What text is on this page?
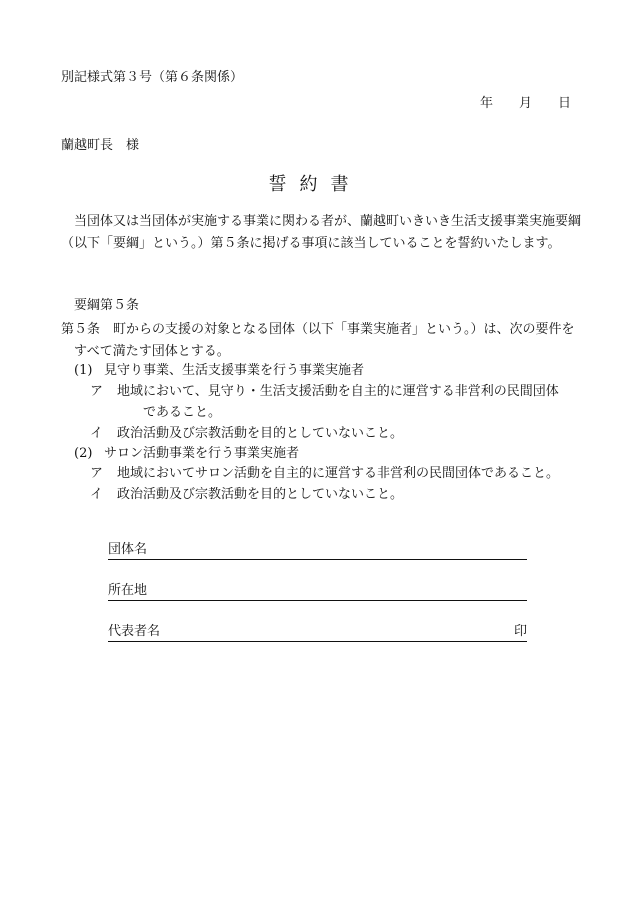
別記様式第３号（第６条関係）
年 月 日
蘭越町長　様
誓約書
当団体又は当団体が実施する事業に関わる者が、蘭越町いきいき生活支援事業実施要綱（以下「要綱」という。）第５条に掲げる事項に該当していることを誓約いたします。
要綱第５条
第５条　町からの支援の対象となる団体（以下「事業実施者」という。）は、次の要件をすべて満たす団体とする。
(1) 見守り事業、生活支援事業を行う事業実施者
ア 地域において、見守り・生活支援活動を自主的に運営する非営利の民間団体
であること。
イ 政治活動及び宗教活動を目的としていないこと。
(2) サロン活動事業を行う事業実施者
ア 地域においてサロン活動を自主的に運営する非営利の民間団体であること。
イ 政治活動及び宗教活動を目的としていないこと。
団体名
所在地
代表者名	印
